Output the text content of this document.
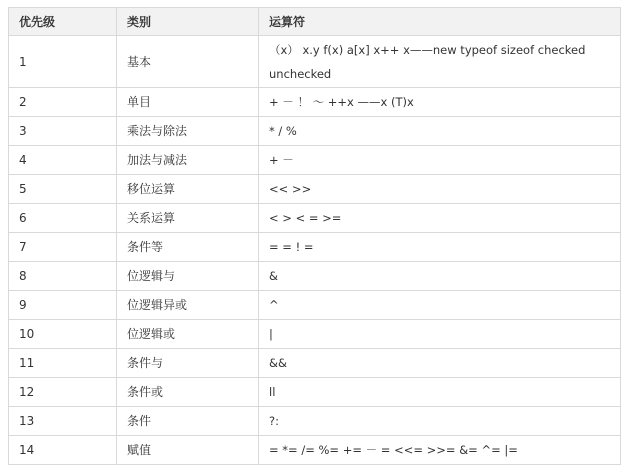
优先级	类别	运算符
1	基本	（x） x.y f(x) a[x] x++ x——new typeof sizeof checked unchecked
2	单目	+ － ！ ～ ++x ——x (T)x
3	乘法与除法	* / %
4	加法与减法	+ －
5	移位运算	<< >>
6	关系运算	< > < = >=
7	条件等	= = ! =
8	位逻辑与	&
9	位逻辑异或	^
10	位逻辑或	|
11	条件与	&&
12	条件或	ll
13	条件	?:
14	赋值	= *= /= %= += － = <<= >>= &= ^= |=
